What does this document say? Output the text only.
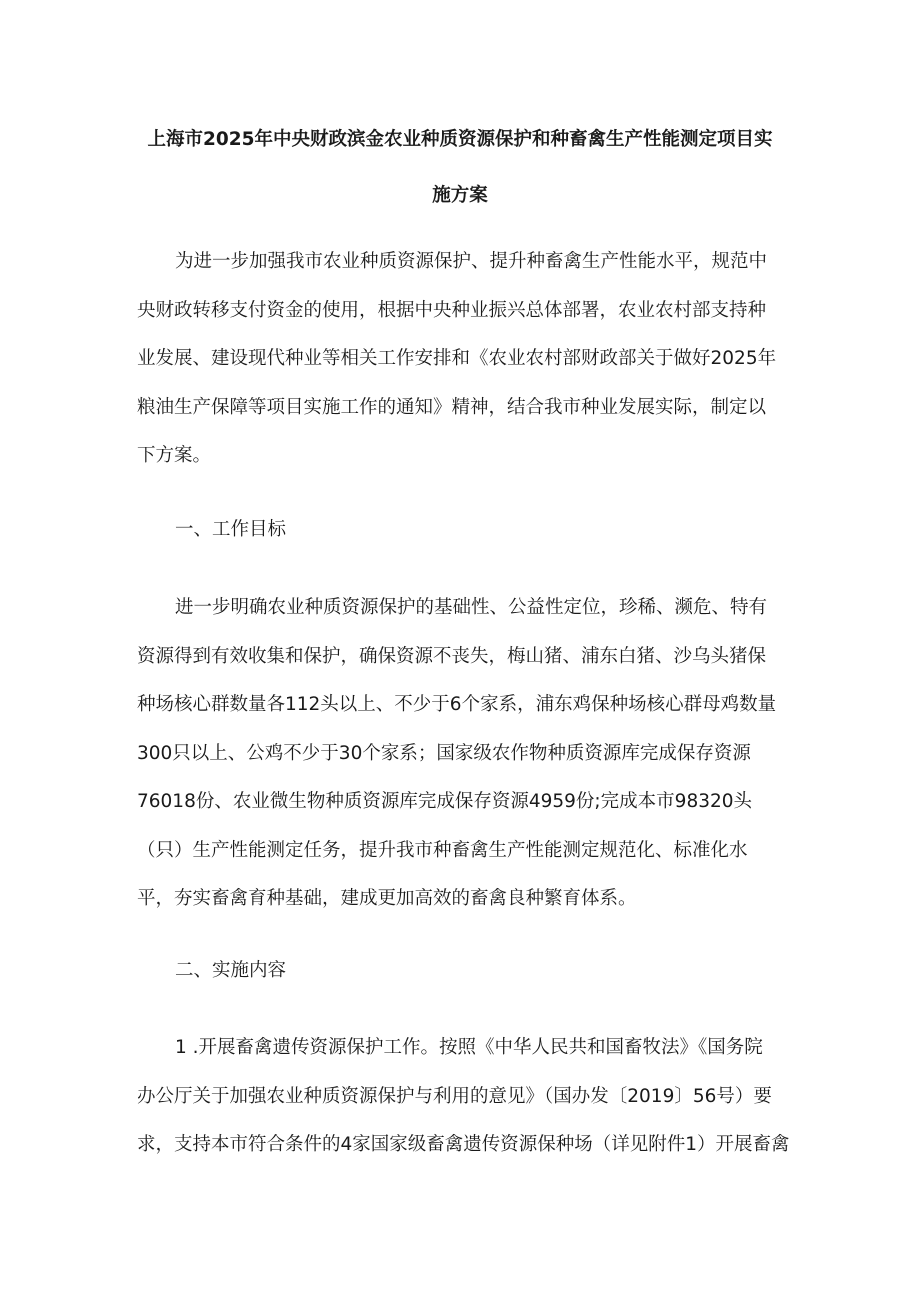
上海市2025年中央财政滨金农业种质资源保护和种畜禽生产性能测定项目实
施方案
为进一步加强我市农业种质资源保护、提升种畜禽生产性能水平，规范中
央财政转移支付资金的使用，根据中央种业振兴总体部署，农业农村部支持种
业发展、建设现代种业等相关工作安排和《农业农村部财政部关于做好2025年
粮油生产保障等项目实施工作的通知》精神，结合我市种业发展实际，制定以
下方案。
一、工作目标
进一步明确农业种质资源保护的基础性、公益性定位，珍稀、濒危、特有
资源得到有效收集和保护，确保资源不丧失，梅山猪、浦东白猪、沙乌头猪保
种场核心群数量各112头以上、不少于6个家系，浦东鸡保种场核心群母鸡数量
300只以上、公鸡不少于30个家系；国家级农作物种质资源库完成保存资源
76018份、农业微生物种质资源库完成保存资源4959份;完成本市98320头
（只）生产性能测定任务，提升我市种畜禽生产性能测定规范化、标准化水
平，夯实畜禽育种基础，建成更加高效的畜禽良种繁育体系。
二、实施内容
1 .开展畜禽遗传资源保护工作。按照《中华人民共和国畜牧法》《国务院
办公厅关于加强农业种质资源保护与利用的意见》（国办发〔2019〕56号）要
求，支持本市符合条件的4家国家级畜禽遗传资源保种场（详见附件1）开展畜禽
